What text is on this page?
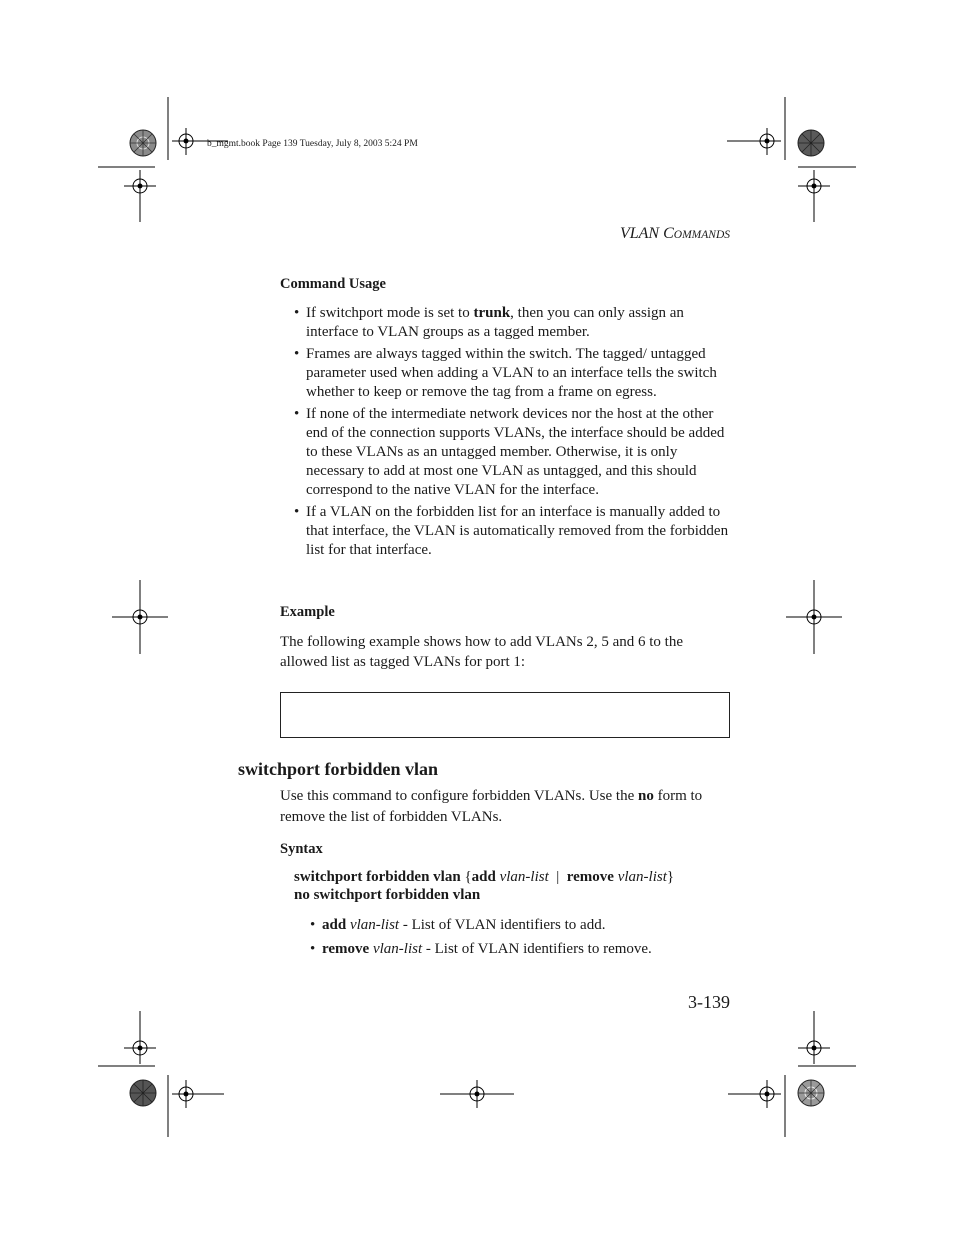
b_mgmt.book Page 139 Tuesday, July 8, 2003 5:24 PM
VLAN COMMANDS
Command Usage
• If switchport mode is set to trunk, then you can only assign an interface to VLAN groups as a tagged member.
• Frames are always tagged within the switch. The tagged/ untagged parameter used when adding a VLAN to an interface tells the switch whether to keep or remove the tag from a frame on egress.
• If none of the intermediate network devices nor the host at the other end of the connection supports VLANs, the interface should be added to these VLANs as an untagged member. Otherwise, it is only necessary to add at most one VLAN as untagged, and this should correspond to the native VLAN for the interface.
• If a VLAN on the forbidden list for an interface is manually added to that interface, the VLAN is automatically removed from the forbidden list for that interface.
Example
The following example shows how to add VLANs 2, 5 and 6 to the allowed list as tagged VLANs for port 1:
switchport forbidden vlan
Use this command to configure forbidden VLANs. Use the no form to remove the list of forbidden VLANs.
Syntax
switchport forbidden vlan {add vlan-list  |  remove vlan-list}
no switchport forbidden vlan
• add vlan-list - List of VLAN identifiers to add.
• remove vlan-list - List of VLAN identifiers to remove.
3-139
